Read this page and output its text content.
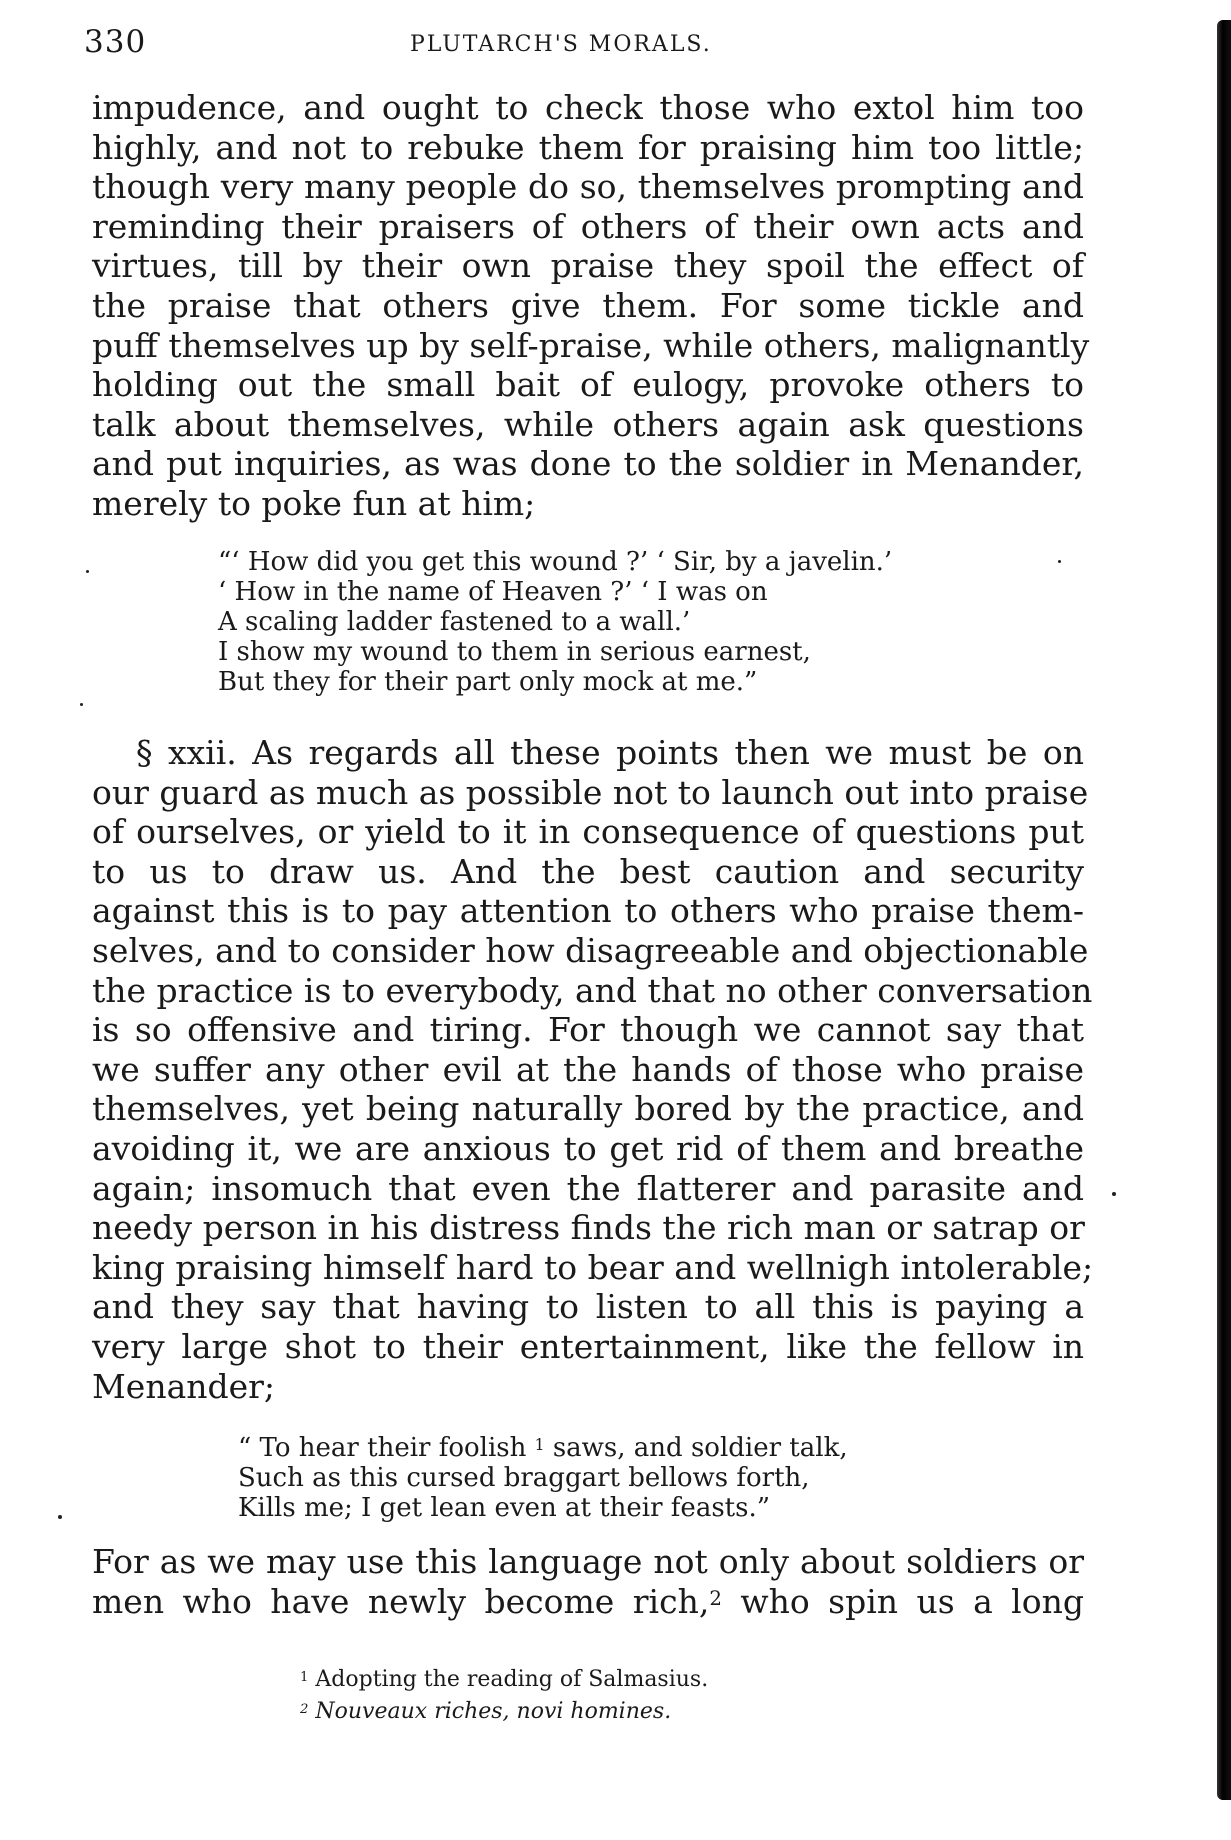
330	PLUTARCH'S MORALS.
impudence, and ought to check those who extol him too
highly, and not to rebuke them for praising him too little;
though very many people do so, themselves prompting and
reminding their praisers of others of their own acts and
virtues, till by their own praise they spoil the effect of
the praise that others give them. For some tickle and
puff themselves up by self-praise, while others, malignantly
holding out the small bait of eulogy, provoke others to
talk about themselves, while others again ask questions
and put inquiries, as was done to the soldier in Menander,
merely to poke fun at him;
“‘ How did you get this wound ?’ ‘ Sir, by a javelin.’
‘ How in the name of Heaven ?’ ‘ I was on
A scaling ladder fastened to a wall.’
I show my wound to them in serious earnest,
But they for their part only mock at me.”
§ xxii. As regards all these points then we must be on
our guard as much as possible not to launch out into praise
of ourselves, or yield to it in consequence of questions put
to us to draw us. And the best caution and security
against this is to pay attention to others who praise them-
selves, and to consider how disagreeable and objectionable
the practice is to everybody, and that no other conversation
is so offensive and tiring. For though we cannot say that
we suffer any other evil at the hands of those who praise
themselves, yet being naturally bored by the practice, and
avoiding it, we are anxious to get rid of them and breathe
again; insomuch that even the flatterer and parasite and
needy person in his distress finds the rich man or satrap or
king praising himself hard to bear and wellnigh intolerable;
and they say that having to listen to all this is paying a
very large shot to their entertainment, like the fellow in
Menander;
“ To hear their foolish $^1$ saws, and soldier talk,
Such as this cursed braggart bellows forth,
Kills me; I get lean even at their feasts.”
For as we may use this language not only about soldiers or
men who have newly become rich,$^2$ who spin us a long
$^1$ Adopting the reading of Salmasius.
$^2$ Nouveaux riches, novi homines.
